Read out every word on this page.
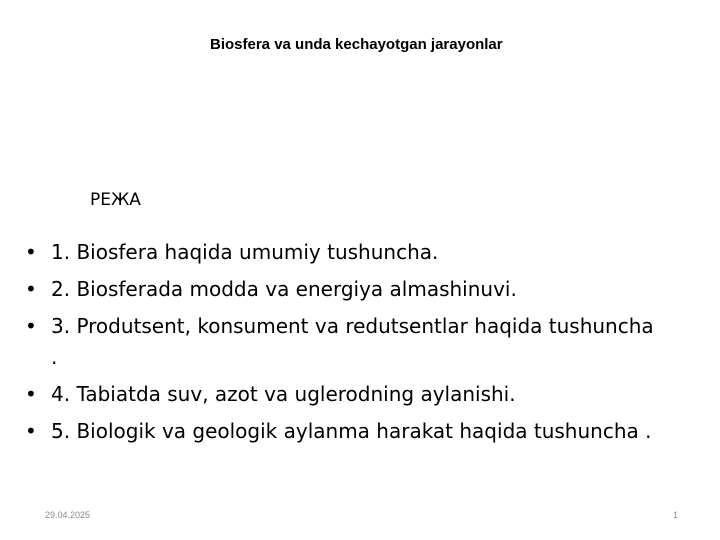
Biosfera va unda kechayotgan jarayonlar
РЕЖА
• 1. Biosfera haqida umumiy tushuncha.
• 2. Biosferada modda va energiya almashinuvi.
• 3. Produtsent, konsument va redutsentlar haqida tushuncha .
• 4. Tabiatda suv, azot va uglerodning aylanishi.
• 5. Biologik va geologik aylanma harakat haqida tushuncha .
29.04.2025	1
